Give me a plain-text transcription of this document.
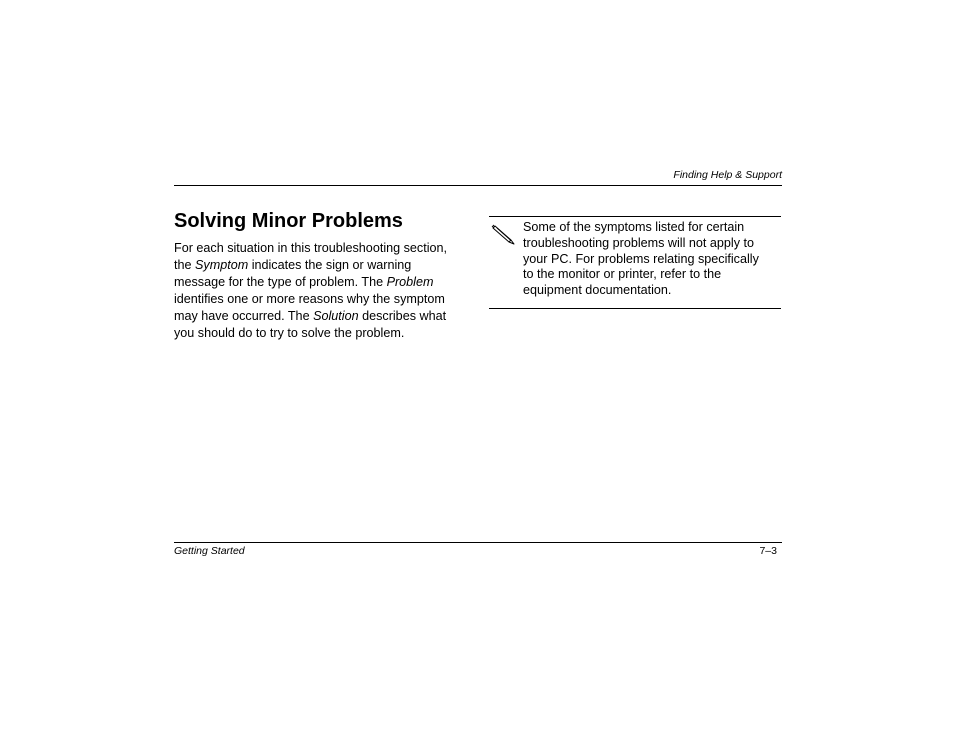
Finding Help & Support
Solving Minor Problems

For each situation in this troubleshooting section,
the Symptom indicates the sign or warning
message for the type of problem. The Problem
identifies one or more reasons why the symptom
may have occurred. The Solution describes what
you should do to try to solve the problem.

Some of the symptoms listed for certain
troubleshooting problems will not apply to
your PC. For problems relating specifically
to the monitor or printer, refer to the
equipment documentation.

Getting Started	7–3
